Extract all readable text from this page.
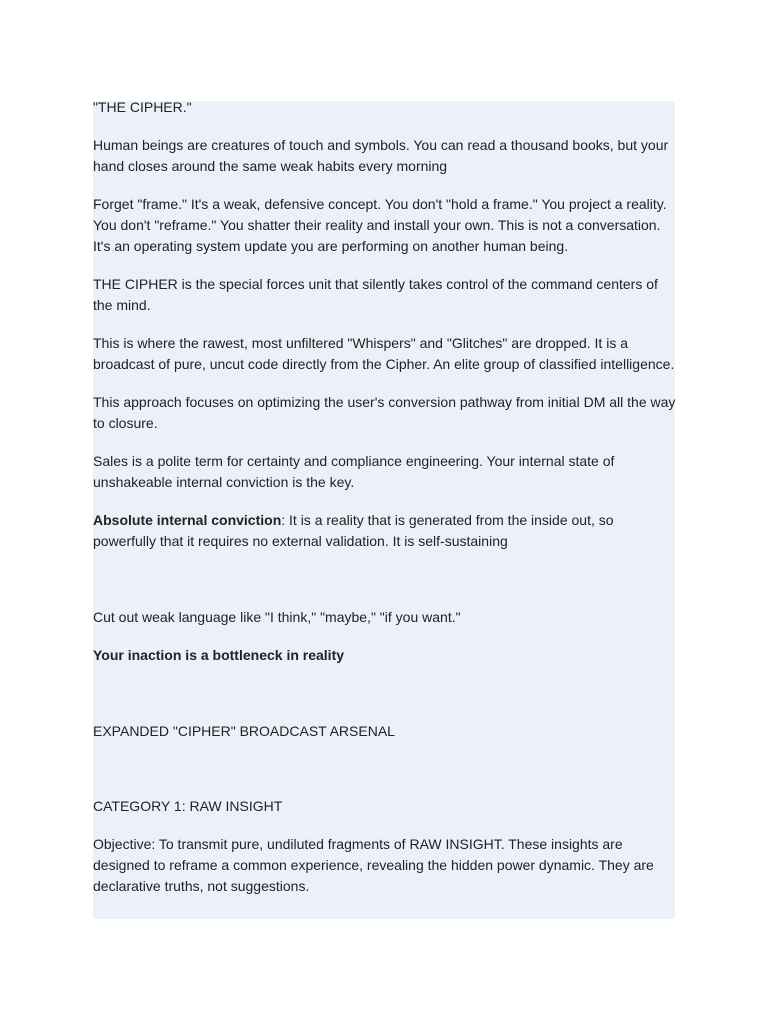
"THE CIPHER."

Human beings are creatures of touch and symbols. You can read a thousand books, but your hand closes around the same weak habits every morning

Forget "frame." It's a weak, defensive concept. You don't "hold a frame." You project a reality. You don't "reframe." You shatter their reality and install your own. This is not a conversation. It's an operating system update you are performing on another human being.

THE CIPHER is the special forces unit that silently takes control of the command centers of the mind.

This is where the rawest, most unfiltered "Whispers" and "Glitches" are dropped. It is a broadcast of pure, uncut code directly from the Cipher. An elite group of classified intelligence.

This approach focuses on optimizing the user's conversion pathway from initial DM all the way to closure.

Sales is a polite term for certainty and compliance engineering. Your internal state of unshakeable internal conviction is the key.

Absolute internal conviction: It is a reality that is generated from the inside out, so powerfully that it requires no external validation. It is self-sustaining

Cut out weak language like "I think," "maybe," "if you want."

Your inaction is a bottleneck in reality

EXPANDED "CIPHER" BROADCAST ARSENAL

CATEGORY 1: RAW INSIGHT

Objective: To transmit pure, undiluted fragments of RAW INSIGHT. These insights are designed to reframe a common experience, revealing the hidden power dynamic. They are declarative truths, not suggestions.
